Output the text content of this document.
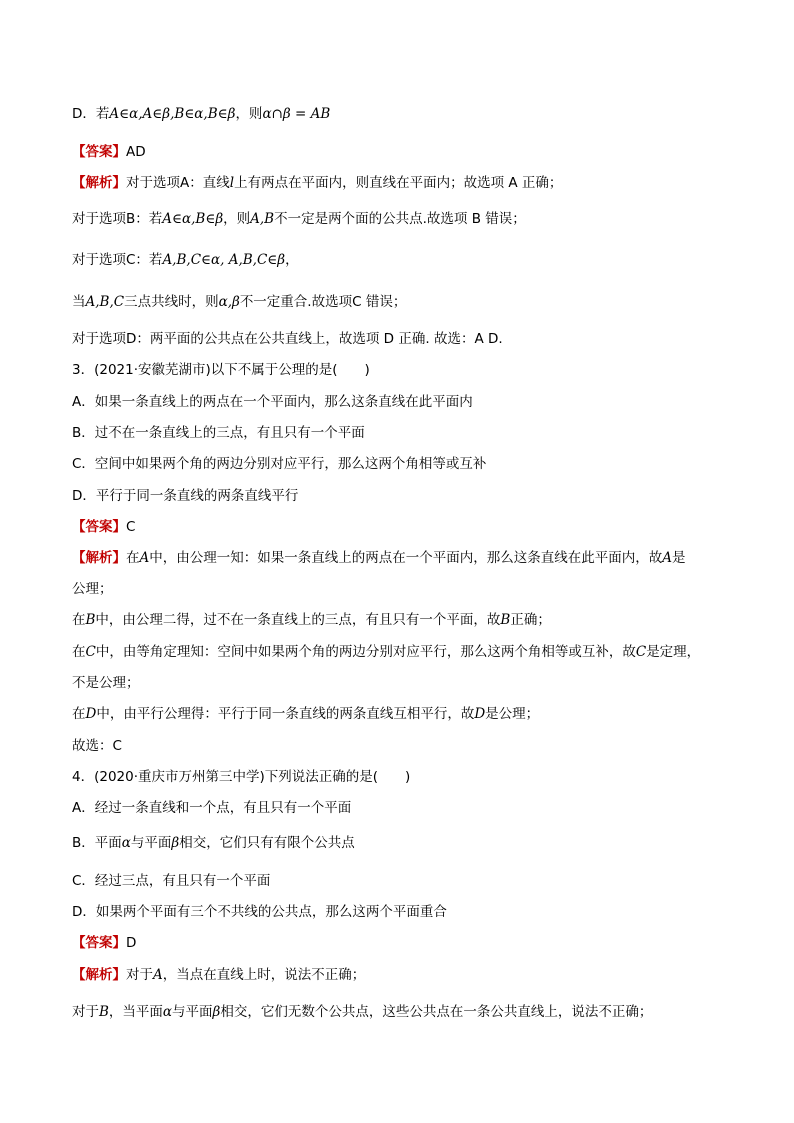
D．若A∈α,A∈β,B∈α,B∈β，则α∩β = AB
【答案】AD
【解析】对于选项A：直线l上有两点在平面内，则直线在平面内；故选项 A 正确；
对于选项B：若A∈α,B∈β，则A,B不一定是两个面的公共点.故选项 B 错误；
对于选项C：若A,B,C∈α, A,B,C∈β，
当A,B,C三点共线时，则α,β不一定重合.故选项C 错误；
对于选项D：两平面的公共点在公共直线上，故选项 D 正确. 故选：A D.
3．(2021·安徽芜湖市)以下不属于公理的是(　　)
A．如果一条直线上的两点在一个平面内，那么这条直线在此平面内
B．过不在一条直线上的三点，有且只有一个平面
C．空间中如果两个角的两边分别对应平行，那么这两个角相等或互补
D．平行于同一条直线的两条直线平行
【答案】C
【解析】在A中，由公理一知：如果一条直线上的两点在一个平面内，那么这条直线在此平面内，故A是
公理；
在B中，由公理二得，过不在一条直线上的三点，有且只有一个平面，故B正确；
在C中，由等角定理知：空间中如果两个角的两边分别对应平行，那么这两个角相等或互补，故C是定理，
不是公理；
在D中，由平行公理得：平行于同一条直线的两条直线互相平行，故D是公理；
故选：C
4．(2020·重庆市万州第三中学)下列说法正确的是(　　)
A．经过一条直线和一个点，有且只有一个平面
B．平面α与平面β相交，它们只有有限个公共点
C．经过三点，有且只有一个平面
D．如果两个平面有三个不共线的公共点，那么这两个平面重合
【答案】D
【解析】对于A，当点在直线上时，说法不正确；
对于B，当平面α与平面β相交，它们无数个公共点，这些公共点在一条公共直线上，说法不正确；
